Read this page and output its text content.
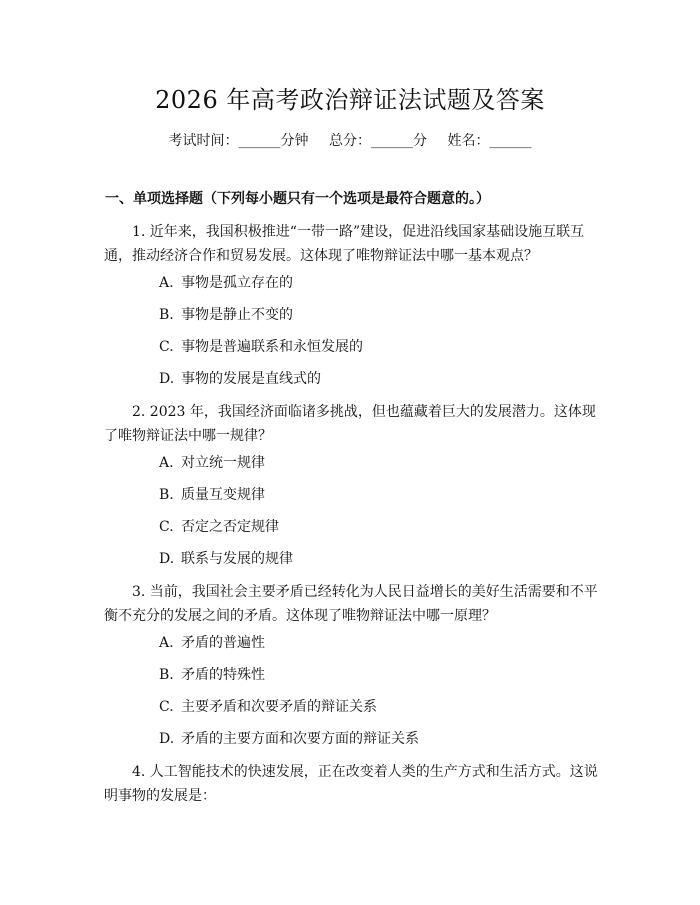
2026 年高考政治辩证法试题及答案
考试时间：______分钟 总分：______分 姓名：______
一、单项选择题（下列每小题只有一个选项是最符合题意的。）
1. 近年来，我国积极推进“一带一路”建设，促进沿线国家基础设施互联互通，推动经济合作和贸易发展。这体现了唯物辩证法中哪一基本观点？
A. 事物是孤立存在的
B. 事物是静止不变的
C. 事物是普遍联系和永恒发展的
D. 事物的发展是直线式的
2. 2023 年，我国经济面临诸多挑战，但也蕴藏着巨大的发展潜力。这体现了唯物辩证法中哪一规律？
A. 对立统一规律
B. 质量互变规律
C. 否定之否定规律
D. 联系与发展的规律
3. 当前，我国社会主要矛盾已经转化为人民日益增长的美好生活需要和不平衡不充分的发展之间的矛盾。这体现了唯物辩证法中哪一原理？
A. 矛盾的普遍性
B. 矛盾的特殊性
C. 主要矛盾和次要矛盾的辩证关系
D. 矛盾的主要方面和次要方面的辩证关系
4. 人工智能技术的快速发展，正在改变着人类的生产方式和生活方式。这说明事物的发展是：
